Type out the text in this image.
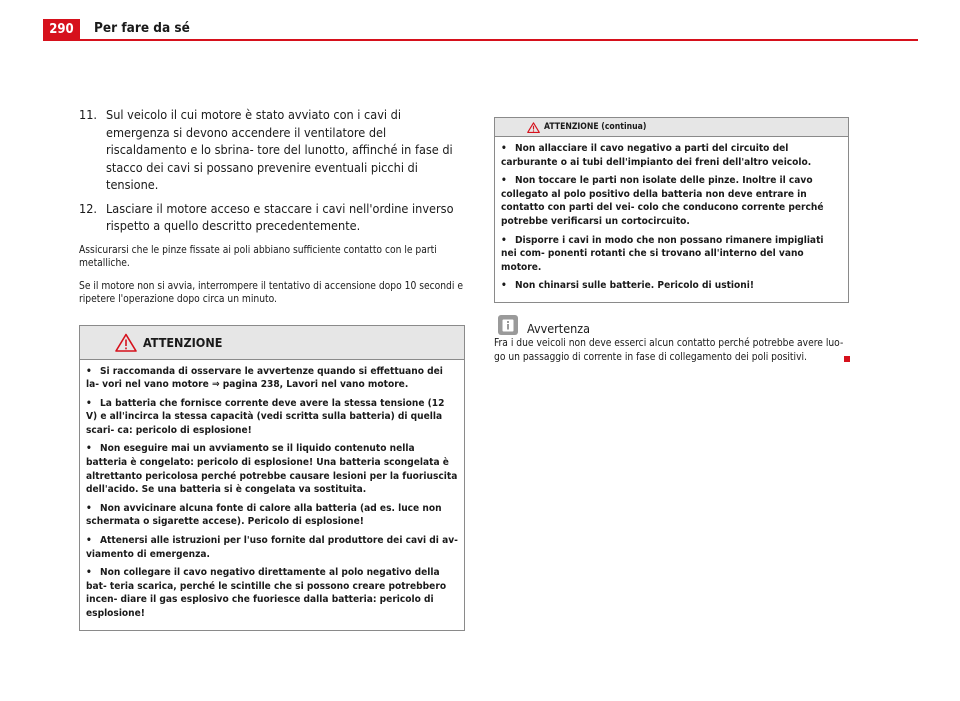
290	Per fare da sé
11. Sul veicolo il cui motore è stato avviato con i cavi di emergenza si devono accendere il ventilatore del riscaldamento e lo sbrina- tore del lunotto, affinché in fase di stacco dei cavi si possano prevenire eventuali picchi di tensione.
12. Lasciare il motore acceso e staccare i cavi nell'ordine inverso rispetto a quello descritto precedentemente.

Assicurarsi che le pinze fissate ai poli abbiano sufficiente contatto con le parti metalliche.

Se il motore non si avvia, interrompere il tentativo di accensione dopo 10 secondi e ripetere l'operazione dopo circa un minuto.

ATTENZIONE
• Si raccomanda di osservare le avvertenze quando si effettuano dei la- vori nel vano motore ⇒ pagina 238, Lavori nel vano motore.
• La batteria che fornisce corrente deve avere la stessa tensione (12 V) e all'incirca la stessa capacità (vedi scritta sulla batteria) di quella scari- ca: pericolo di esplosione!
• Non eseguire mai un avviamento se il liquido contenuto nella batteria è congelato: pericolo di esplosione! Una batteria scongelata è altrettanto pericolosa perché potrebbe causare lesioni per la fuoriuscita dell'acido. Se una batteria si è congelata va sostituita.
• Non avvicinare alcuna fonte di calore alla batteria (ad es. luce non schermata o sigarette accese). Pericolo di esplosione!
• Attenersi alle istruzioni per l'uso fornite dal produttore dei cavi di av- viamento di emergenza.
• Non collegare il cavo negativo direttamente al polo negativo della bat- teria scarica, perché le scintille che si possono creare potrebbero incen- diare il gas esplosivo che fuoriesce dalla batteria: pericolo di esplosione!
ATTENZIONE (continua)
• Non allacciare il cavo negativo a parti del circuito del carburante o ai tubi dell'impianto dei freni dell'altro veicolo.
• Non toccare le parti non isolate delle pinze. Inoltre il cavo collegato al polo positivo della batteria non deve entrare in contatto con parti del vei- colo che conducono corrente perché potrebbe verificarsi un cortocircuito.
• Disporre i cavi in modo che non possano rimanere impigliati nei com- ponenti rotanti che si trovano all'interno del vano motore.
• Non chinarsi sulle batterie. Pericolo di ustioni!
Avvertenza
Fra i due veicoli non deve esserci alcun contatto perché potrebbe avere luo- go un passaggio di corrente in fase di collegamento dei poli positivi.
